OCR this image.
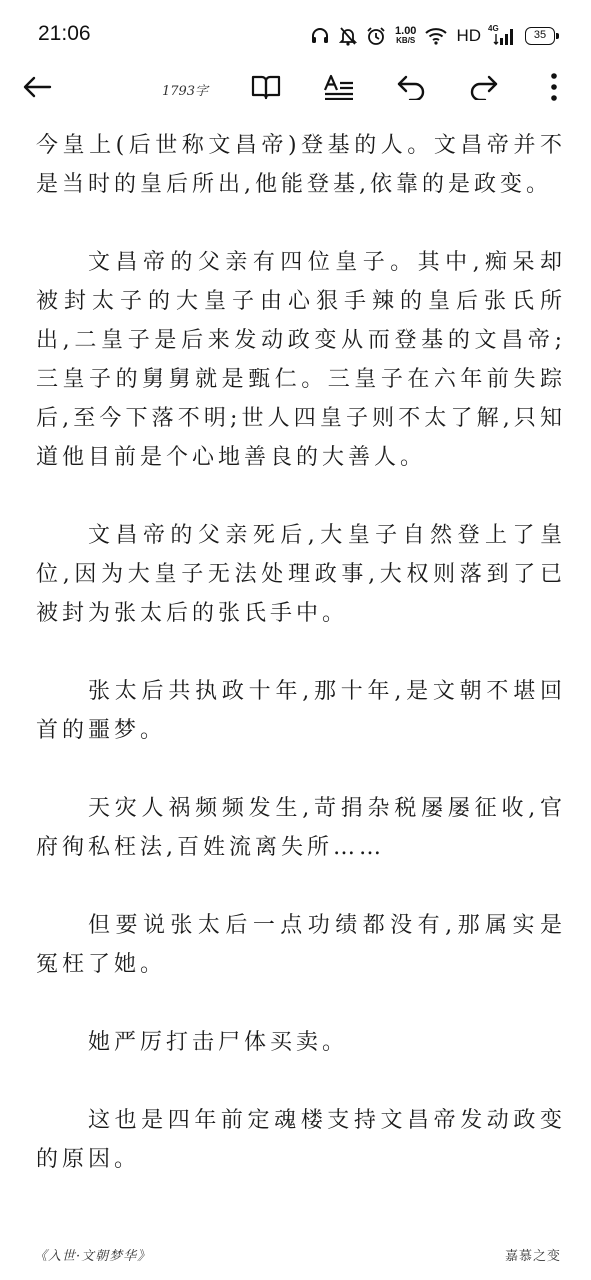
21:06	1.00
KB/S HD 4G
35
1793字

今皇上(后世称文昌帝)登基的人。文昌帝并不是当时的皇后所出,他能登基,依靠的是政变。

文昌帝的父亲有四位皇子。其中,痴呆却被封太子的大皇子由心狠手辣的皇后张氏所出,二皇子是后来发动政变从而登基的文昌帝;三皇子的舅舅就是甄仁。三皇子在六年前失踪后,至今下落不明;世人四皇子则不太了解,只知道他目前是个心地善良的大善人。

文昌帝的父亲死后,大皇子自然登上了皇位,因为大皇子无法处理政事,大权则落到了已被封为张太后的张氏手中。

张太后共执政十年,那十年,是文朝不堪回首的噩梦。

天灾人祸频频发生,苛捐杂税屡屡征收,官府徇私枉法,百姓流离失所……

但要说张太后一点功绩都没有,那属实是冤枉了她。

她严厉打击尸体买卖。

这也是四年前定魂楼支持文昌帝发动政变的原因。

《入世·文朝梦华》	嘉慕之变
